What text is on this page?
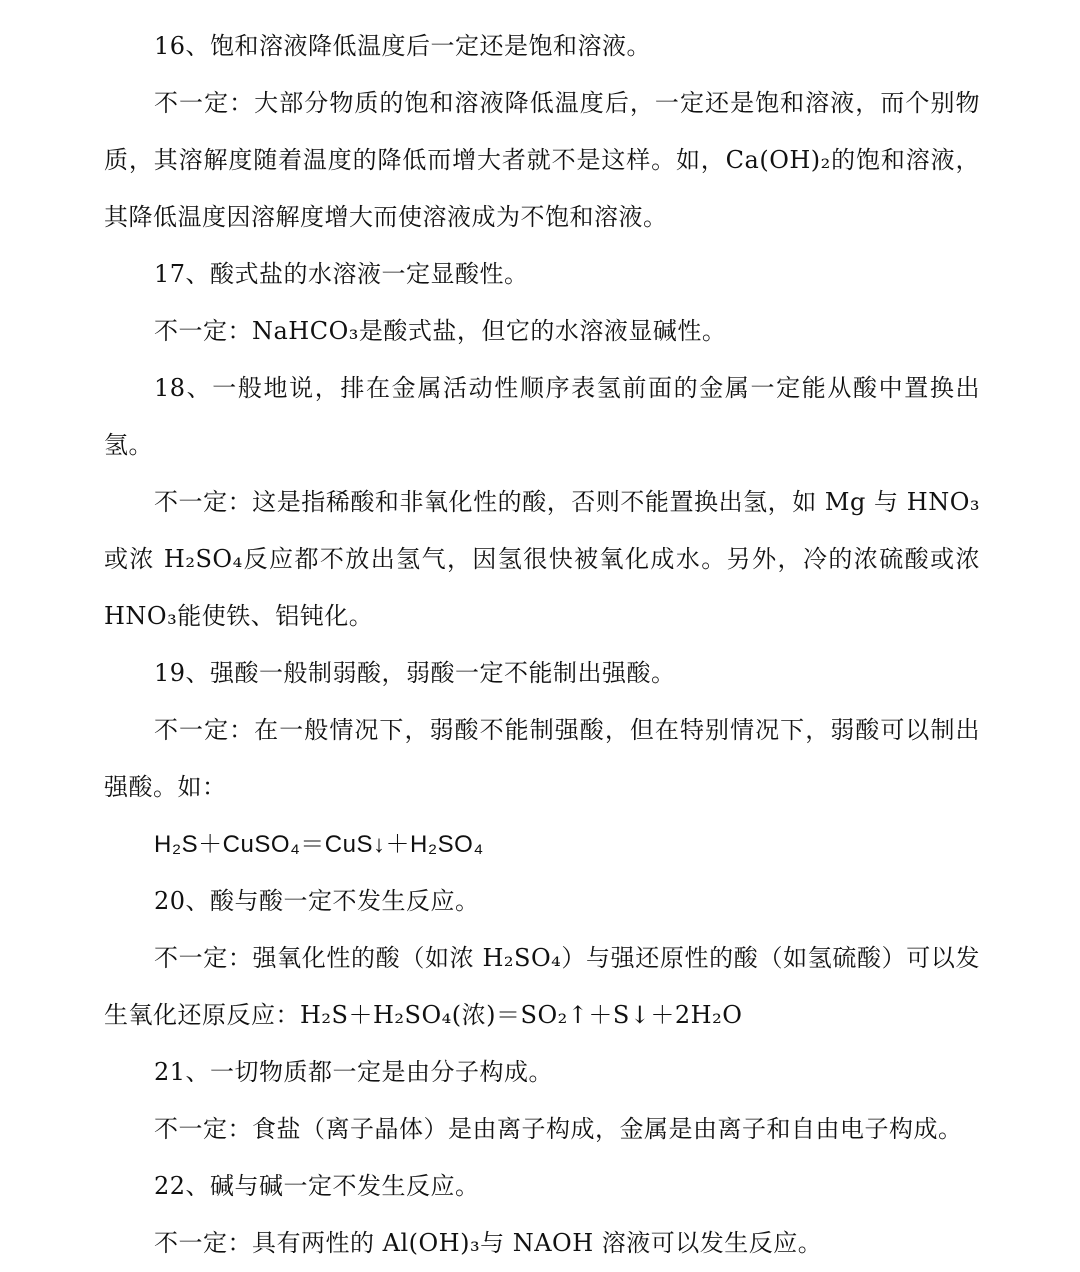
16、饱和溶液降低温度后一定还是饱和溶液。

不一定：大部分物质的饱和溶液降低温度后，一定还是饱和溶液，而个别物质，其溶解度随着温度的降低而增大者就不是这样。如，Ca(OH)₂的饱和溶液，其降低温度因溶解度增大而使溶液成为不饱和溶液。

17、酸式盐的水溶液一定显酸性。

不一定：NaHCO₃是酸式盐，但它的水溶液显碱性。

18、一般地说，排在金属活动性顺序表氢前面的金属一定能从酸中置换出氢。

不一定：这是指稀酸和非氧化性的酸，否则不能置换出氢，如 Mg 与 HNO₃或浓 H₂SO₄反应都不放出氢气，因氢很快被氧化成水。另外，冷的浓硫酸或浓HNO₃能使铁、铝钝化。

19、强酸一般制弱酸，弱酸一定不能制出强酸。

不一定：在一般情况下，弱酸不能制强酸，但在特别情况下，弱酸可以制出强酸。如：

H₂S＋CuSO₄＝CuS↓＋H₂SO₄

20、酸与酸一定不发生反应。

不一定：强氧化性的酸（如浓 H₂SO₄）与强还原性的酸（如氢硫酸）可以发生氧化还原反应：H₂S＋H₂SO₄(浓)＝SO₂↑＋S↓＋2H₂O

21、一切物质都一定是由分子构成。

不一定：食盐（离子晶体）是由离子构成，金属是由离子和自由电子构成。

22、碱与碱一定不发生反应。

不一定：具有两性的 Al(OH)₃与 NAOH 溶液可以发生反应。
